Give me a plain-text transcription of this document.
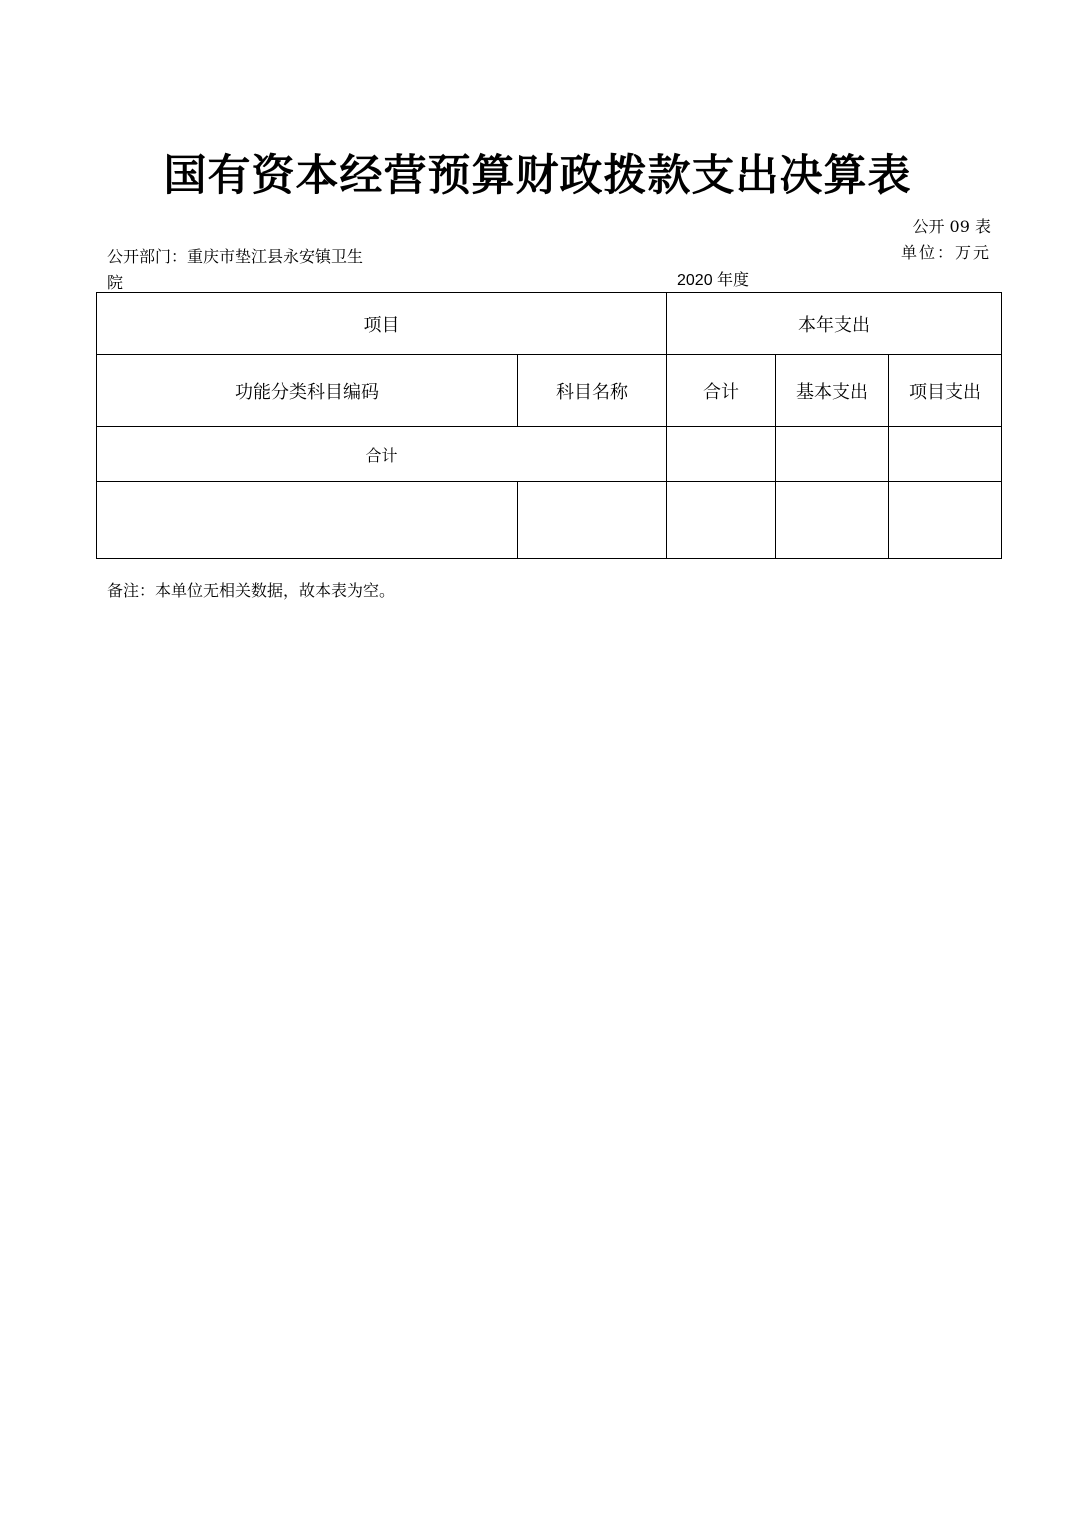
国有资本经营预算财政拨款支出决算表
公开 09 表
单位：万元
公开部门：重庆市垫江县永安镇卫生院	2020 年度
项目		本年支出		
功能分类科目编码	科目名称	合计	基本支出	项目支出
合计				

备注：本单位无相关数据，故本表为空。
